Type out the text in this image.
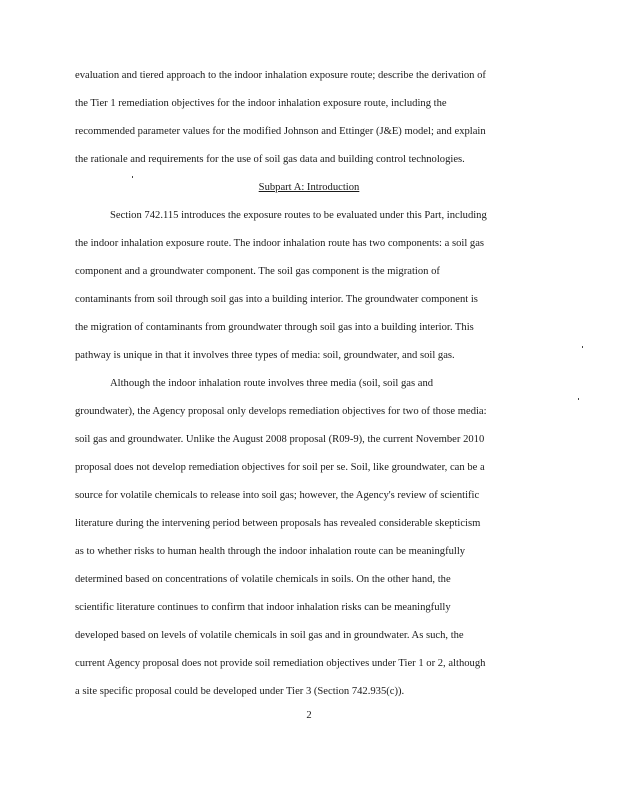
evaluation and tiered approach to the indoor inhalation exposure route; describe the derivation of
the Tier 1 remediation objectives for the indoor inhalation exposure route, including the
recommended parameter values for the modified Johnson and Ettinger (J&E) model; and explain
the rationale and requirements for the use of soil gas data and building control technologies.
Subpart A: Introduction
Section 742.115 introduces the exposure routes to be evaluated under this Part, including
the indoor inhalation exposure route. The indoor inhalation route has two components: a soil gas
component and a groundwater component. The soil gas component is the migration of
contaminants from soil through soil gas into a building interior. The groundwater component is
the migration of contaminants from groundwater through soil gas into a building interior. This
pathway is unique in that it involves three types of media: soil, groundwater, and soil gas.
Although the indoor inhalation route involves three media (soil, soil gas and
groundwater), the Agency proposal only develops remediation objectives for two of those media:
soil gas and groundwater. Unlike the August 2008 proposal (R09-9), the current November 2010
proposal does not develop remediation objectives for soil per se. Soil, like groundwater, can be a
source for volatile chemicals to release into soil gas; however, the Agency's review of scientific
literature during the intervening period between proposals has revealed considerable skepticism
as to whether risks to human health through the indoor inhalation route can be meaningfully
determined based on concentrations of volatile chemicals in soils. On the other hand, the
scientific literature continues to confirm that indoor inhalation risks can be meaningfully
developed based on levels of volatile chemicals in soil gas and in groundwater. As such, the
current Agency proposal does not provide soil remediation objectives under Tier 1 or 2, although
a site specific proposal could be developed under Tier 3 (Section 742.935(c)).
2
